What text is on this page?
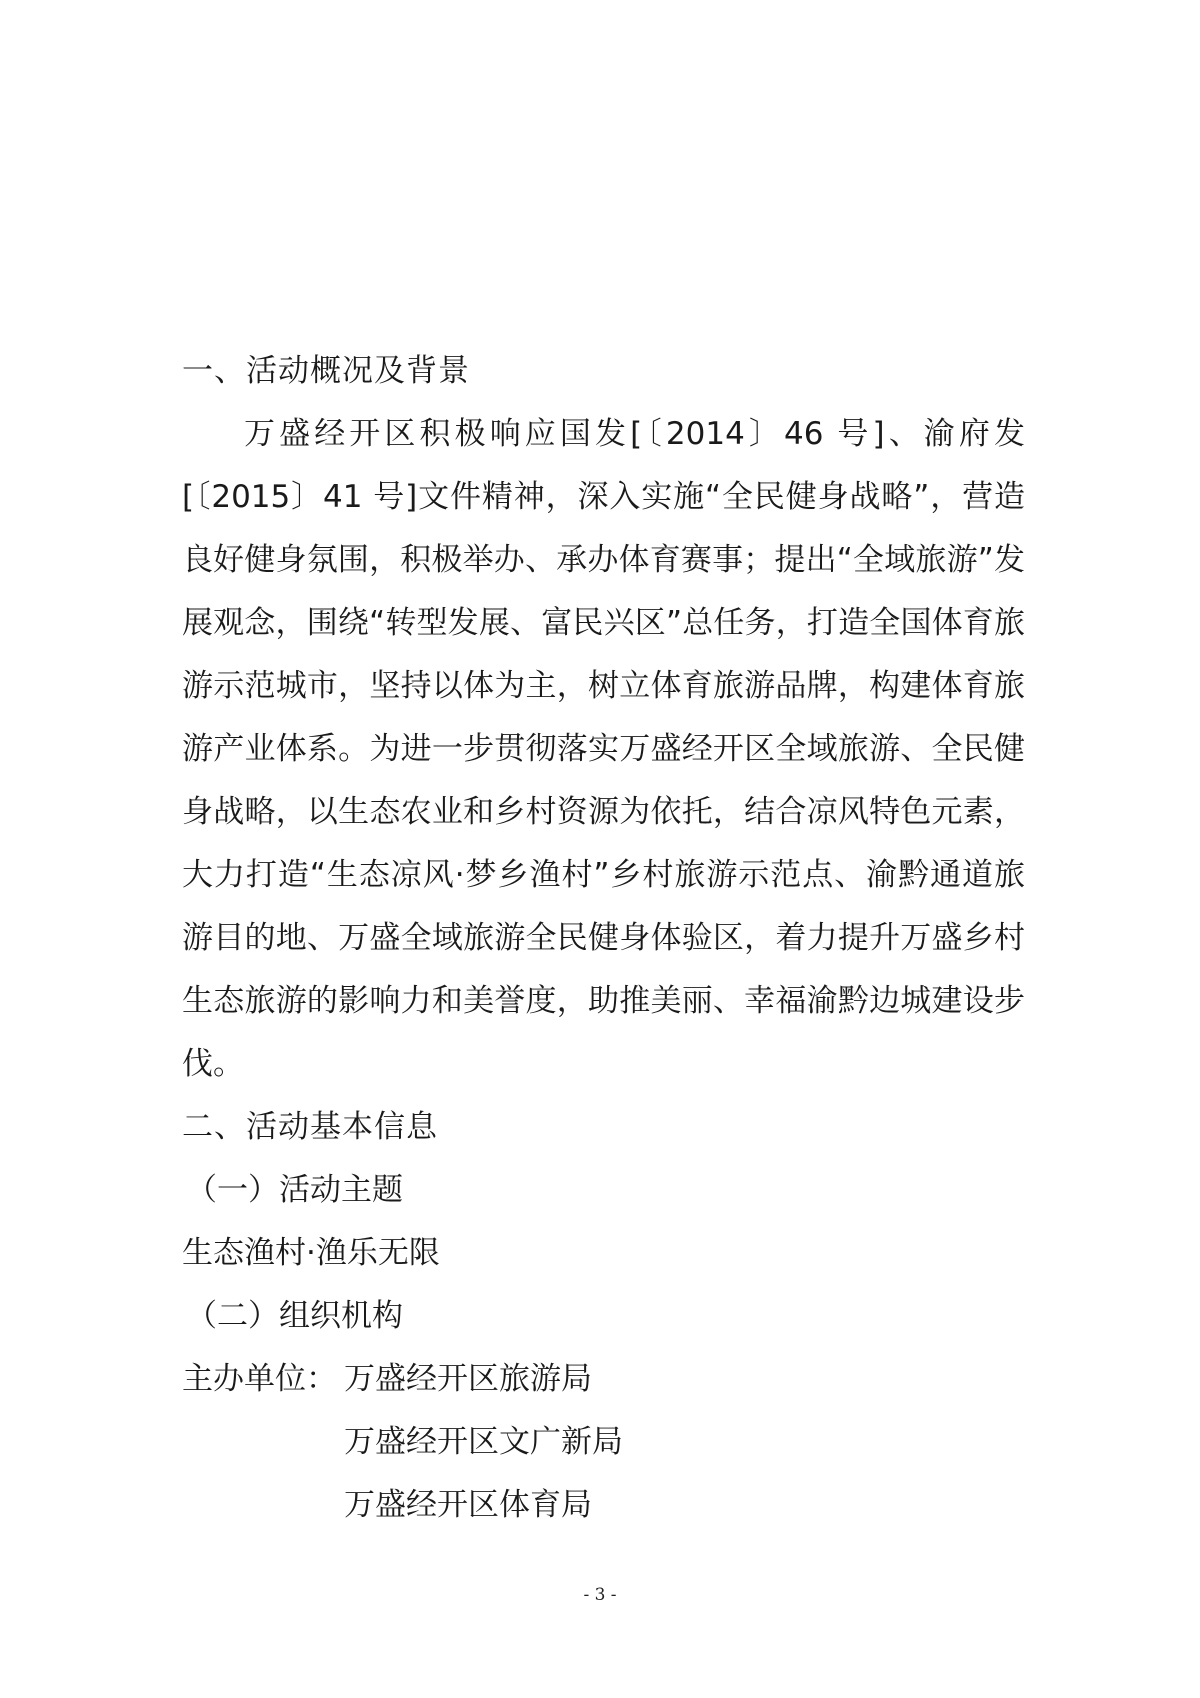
一、活动概况及背景

万盛经开区积极响应国发[〔2014〕46 号]、渝府发[〔2015〕41 号]文件精神，深入实施“全民健身战略”，营造良好健身氛围，积极举办、承办体育赛事；提出“全域旅游”发展观念，围绕“转型发展、富民兴区”总任务，打造全国体育旅游示范城市，坚持以体为主，树立体育旅游品牌，构建体育旅游产业体系。为进一步贯彻落实万盛经开区全域旅游、全民健身战略，以生态农业和乡村资源为依托，结合凉风特色元素，大力打造“生态凉风·梦乡渔村”乡村旅游示范点、渝黔通道旅游目的地、万盛全域旅游全民健身体验区，着力提升万盛乡村生态旅游的影响力和美誉度，助推美丽、幸福渝黔边城建设步伐。

二、活动基本信息
（一）活动主题
生态渔村·渔乐无限
（二）组织机构
主办单位： 万盛经开区旅游局
万盛经开区文广新局
万盛经开区体育局
- 3 -
